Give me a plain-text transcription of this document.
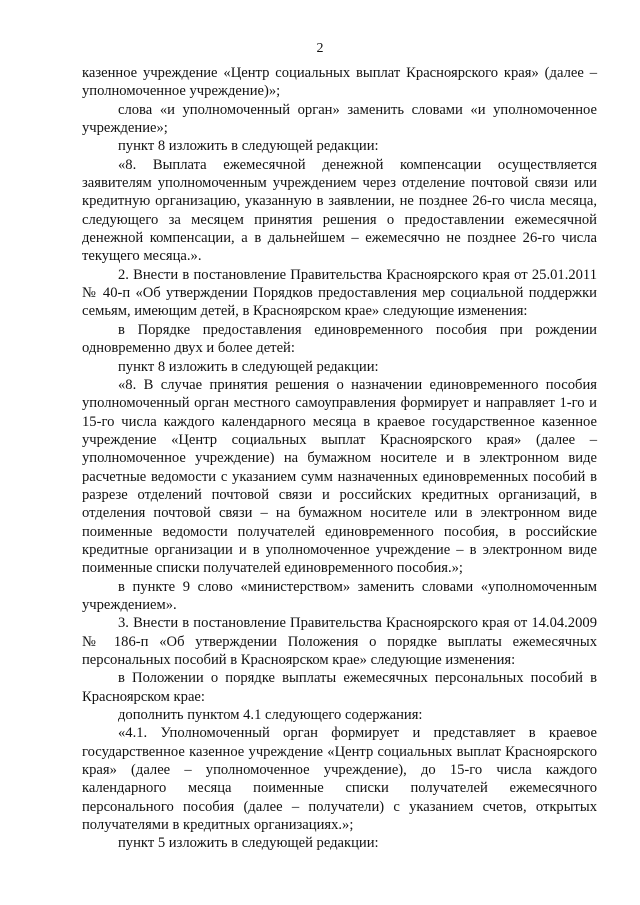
2

казенное учреждение «Центр социальных выплат Красноярского края» (далее – уполномоченное учреждение)»;

слова «и уполномоченный орган» заменить словами «и уполномоченное учреждение»;

пункт 8 изложить в следующей редакции:

«8. Выплата ежемесячной денежной компенсации осуществляется заявителям уполномоченным учреждением через отделение почтовой связи или кредитную организацию, указанную в заявлении, не позднее 26-го числа месяца, следующего за месяцем принятия решения о предоставлении ежемесячной денежной компенсации, а в дальнейшем – ежемесячно не позднее 26-го числа текущего месяца.».

2. Внести в постановление Правительства Красноярского края от 25.01.2011 № 40-п «Об утверждении Порядков предоставления мер социальной поддержки семьям, имеющим детей, в Красноярском крае» следующие изменения:

в Порядке предоставления единовременного пособия при рождении одновременно двух и более детей:

пункт 8 изложить в следующей редакции:

«8. В случае принятия решения о назначении единовременного пособия уполномоченный орган местного самоуправления формирует и направляет 1-го и 15-го числа каждого календарного месяца в краевое государственное казенное учреждение «Центр социальных выплат Красноярского края» (далее – уполномоченное учреждение) на бумажном носителе и в электронном виде расчетные ведомости с указанием сумм назначенных единовременных пособий в разрезе отделений почтовой связи и российских кредитных организаций, в отделения почтовой связи – на бумажном носителе или в электронном виде поименные ведомости получателей единовременного пособия, в российские кредитные организации и в уполномоченное учреждение – в электронном виде поименные списки получателей единовременного пособия.»;

в пункте 9 слово «министерством» заменить словами «уполномоченным учреждением».

3. Внести в постановление Правительства Красноярского края от 14.04.2009 № 186-п «Об утверждении Положения о порядке выплаты ежемесячных персональных пособий в Красноярском крае» следующие изменения:

в Положении о порядке выплаты ежемесячных персональных пособий в Красноярском крае:

дополнить пунктом 4.1 следующего содержания:

«4.1. Уполномоченный орган формирует и представляет в краевое государственное казенное учреждение «Центр социальных выплат Красноярского края» (далее – уполномоченное учреждение), до 15-го числа каждого календарного месяца поименные списки получателей ежемесячного персонального пособия (далее – получатели) с указанием счетов, открытых получателями в кредитных организациях.»;

пункт 5 изложить в следующей редакции:
